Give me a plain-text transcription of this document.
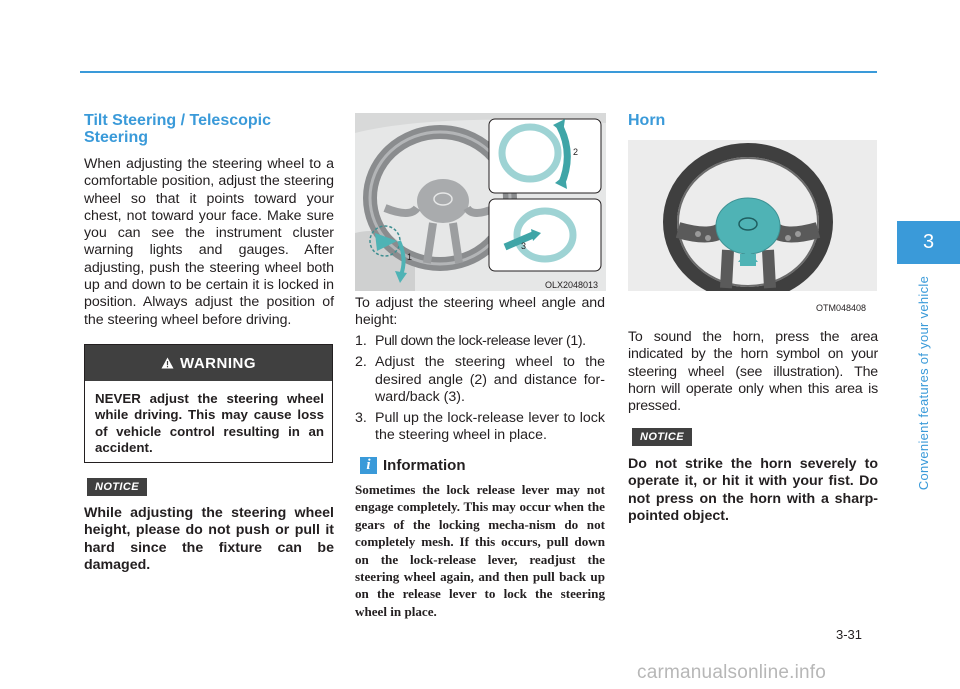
Tilt Steering / Telescopic Steering

When adjusting the steering wheel to a comfortable position, adjust the steering wheel so that it points toward your chest, not toward your face. Make sure you can see the instrument cluster warning lights and gauges. After adjusting, push the steering wheel both up and down to be certain it is locked in position. Always adjust the position of the steering wheel before driving.

WARNING
NEVER adjust the steering wheel while driving. This may cause loss of vehicle control resulting in an accident.
NOTICE

While adjusting the steering wheel height, please do not push or pull it hard since the fixture can be damaged.

1
2
3
OLX2048013

To adjust the steering wheel angle and height:

1. Pull down the lock-release lever (1).
2. Adjust the steering wheel to the desired angle (2) and distance for-ward/back (3).
3. Pull up the lock-release lever to lock the steering wheel in place.
i Information

Sometimes the lock release lever may not engage completely. This may occur when the gears of the locking mecha-nism do not completely mesh. If this occurs, pull down on the lock-release lever, readjust the steering wheel again, and then pull back up on the release lever to lock the steering wheel in place.

Horn
OTM048408

To sound the horn, press the area indicated by the horn symbol on your steering wheel (see illustration). The horn will operate only when this area is pressed.

NOTICE

Do not strike the horn severely to operate it, or hit it with your fist. Do not press on the horn with a sharp-pointed object.

3
Convenient features of your vehicle
3-31
carmanualsonline.info
